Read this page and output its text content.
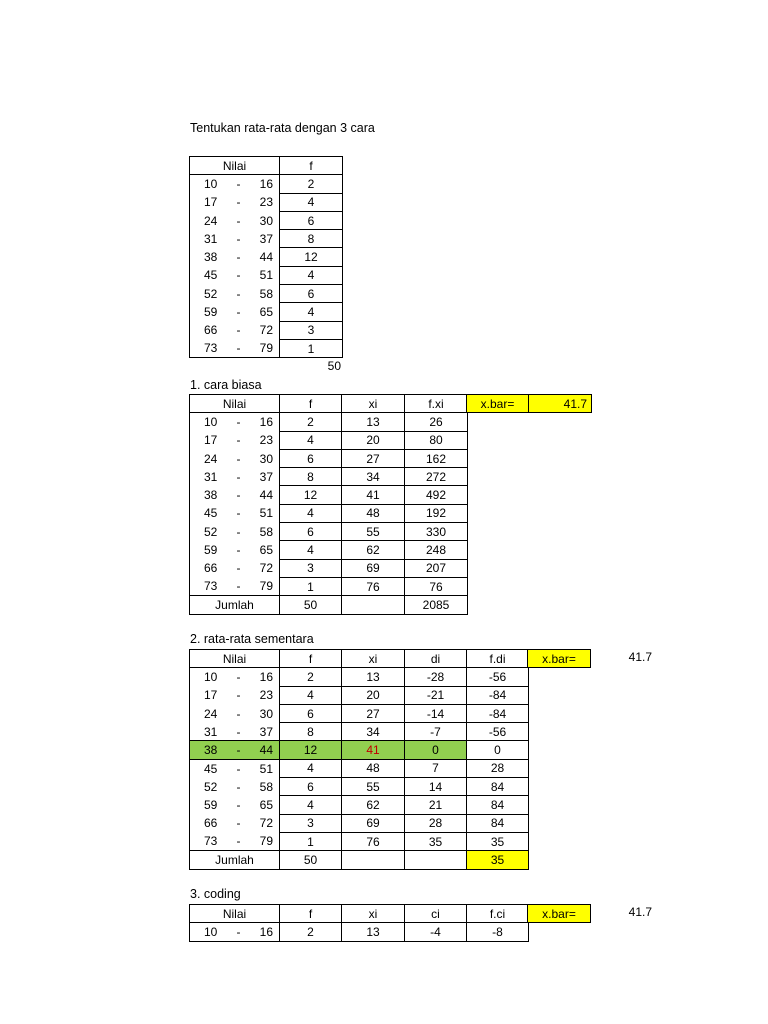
Tentukan rata-rata dengan 3 cara
Nilai	f

10 - 16	2

17 - 23	4

24 - 30	6

31 - 37	8

38 - 44	12

45 - 51	4

52 - 58	6

59 - 65	4

66 - 72	3

73 - 79	1
50
1. cara biasa
Nilai	f	xi	f.xi

10 - 16	2	13	26

17 - 23	4	20	80

24 - 30	6	27	162

31 - 37	8	34	272

38 - 44	12	41	492

45 - 51	4	48	192

52 - 58	6	55	330

59 - 65	4	62	248

66 - 72	3	69	207

73 - 79	1	76	76
Jumlah	50		2085
x.bar=	41.7
2. rata-rata sementara
Nilai	f	xi	di	f.di

10 - 16	2	13	-28	-56

17 - 23	4	20	-21	-84

24 - 30	6	27	-14	-84

31 - 37	8	34	-7	-56

38 - 44	12	41	0	0

45 - 51	4	48	7	28

52 - 58	6	55	14	84

59 - 65	4	62	21	84

66 - 72	3	69	28	84

73 - 79	1	76	35	35
Jumlah	50			35
x.bar=	41.7
3. coding
Nilai	f	xi	ci	f.ci

10 - 16	2	13	-4	-8
x.bar=	41.7
